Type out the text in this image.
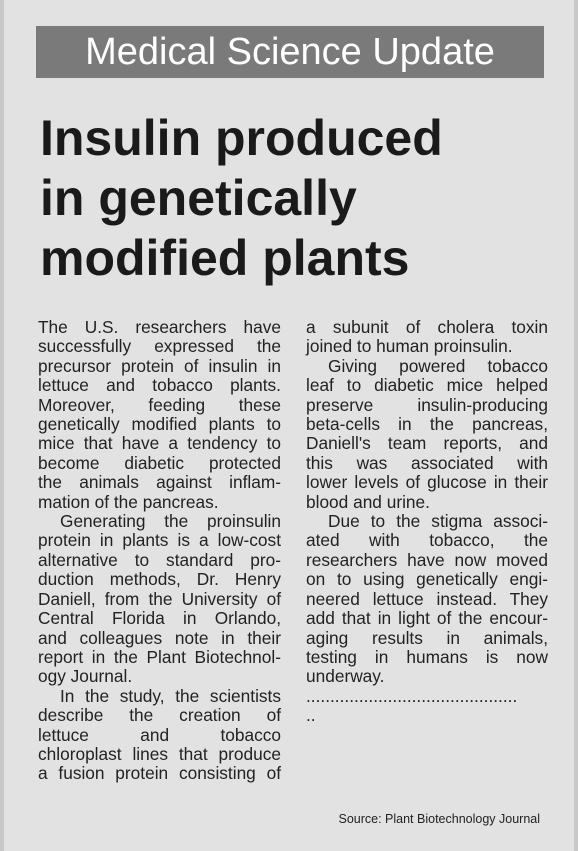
Medical Science Update
Insulin produced
in genetically
modified plants
The U.S. researchers have
successfully expressed the
precursor protein of insulin in
lettuce and tobacco plants.
Moreover, feeding these
genetically modified plants to
mice that have a tendency to
become diabetic protected
the animals against inflam-
mation of the pancreas.
Generating the proinsulin
protein in plants is a low-cost
alternative to standard pro-
duction methods, Dr. Henry
Daniell, from the University of
Central Florida in Orlando,
and colleagues note in their
report in the Plant Biotechnol-
ogy Journal.
In the study, the scientists
describe the creation of
lettuce and tobacco
chloroplast lines that produce
a fusion protein consisting of
a subunit of cholera toxin
joined to human proinsulin.
Giving powered tobacco
leaf to diabetic mice helped
preserve insulin-producing
beta-cells in the pancreas,
Daniell's team reports, and
this was associated with
lower levels of glucose in their
blood and urine.
Due to the stigma associ-
ated with tobacco, the
researchers have now moved
on to using genetically engi-
neered lettuce instead. They
add that in light of the encour-
aging results in animals,
testing in humans is now
underway.
............................................
..
Source: Plant Biotechnology Journal
